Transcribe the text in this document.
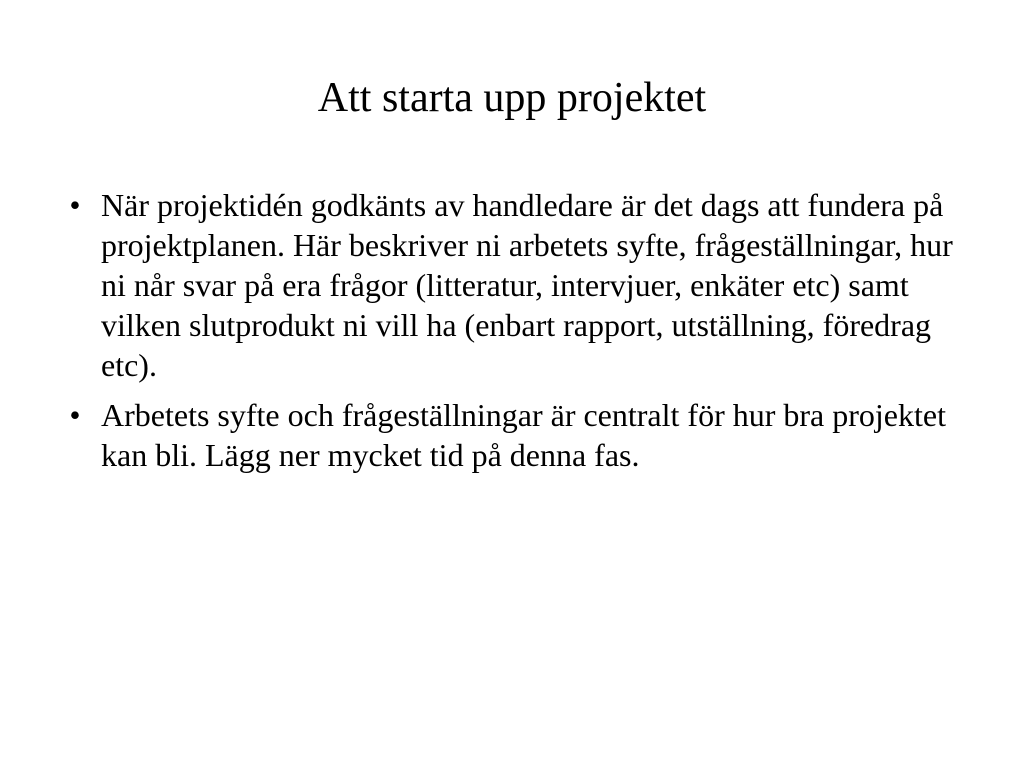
Att starta upp projektet
• När projektidén godkänts av handledare är det dags att fundera på projektplanen. Här beskriver ni arbetets syfte, frågeställningar, hur ni når svar på era frågor (litteratur, intervjuer, enkäter etc) samt vilken slutprodukt ni vill ha (enbart rapport, utställning, föredrag etc).
• Arbetets syfte och frågeställningar är centralt för hur bra projektet kan bli. Lägg ner mycket tid på denna fas.
